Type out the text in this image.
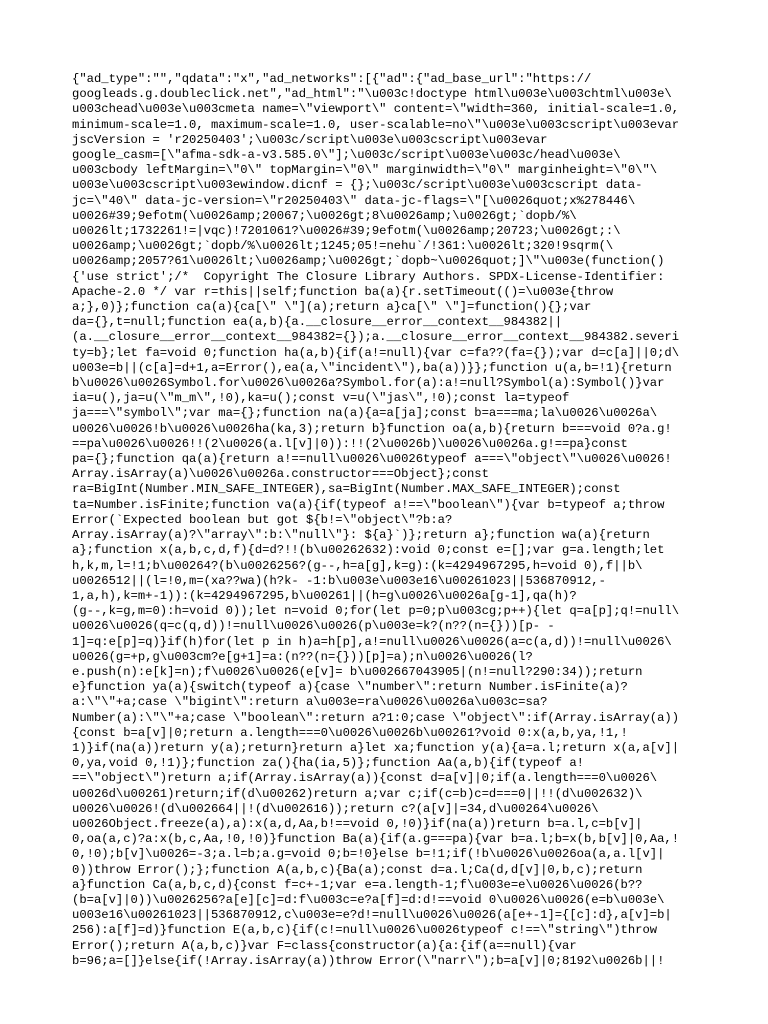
{"ad_type":"","qdata":"x","ad_networks":[{"ad":{"ad_base_url":"https://
googleads.g.doubleclick.net","ad_html":"\u003c!doctype html\u003e\u003chtml\u003e\
u003chead\u003e\u003cmeta name=\"viewport\" content=\"width=360, initial-scale=1.0,
minimum-scale=1.0, maximum-scale=1.0, user-scalable=no\"\u003e\u003cscript\u003evar
jscVersion = 'r20250403';\u003c/script\u003e\u003cscript\u003evar
google_casm=[\"afma-sdk-a-v3.585.0\"];\u003c/script\u003e\u003c/head\u003e\
u003cbody leftMargin=\"0\" topMargin=\"0\" marginwidth=\"0\" marginheight=\"0\"\
u003e\u003cscript\u003ewindow.dicnf = {};\u003c/script\u003e\u003cscript data-
jc=\"40\" data-jc-version=\"r20250403\" data-jc-flags=\"[\u0026quot;x%278446\
u0026#39;9efotm(\u0026amp;20067;\u0026gt;8\u0026amp;\u0026gt;`dopb/%\
u0026lt;1732261!=|vqc)!7201061?\u0026#39;9efotm(\u0026amp;20723;\u0026gt;:\
u0026amp;\u0026gt;`dopb/%\u0026lt;1245;05!=nehu`/!361:\u0026lt;320!9sqrm(\
u0026amp;2057?61\u0026lt;\u0026amp;\u0026gt;`dopb~\u0026quot;]\"\u003e(function()
{'use strict';/*  Copyright The Closure Library Authors. SPDX-License-Identifier:
Apache-2.0 */ var r=this||self;function ba(a){r.setTimeout(()=\u003e{throw
a;},0)};function ca(a){ca[\" \"](a);return a}ca[\" \"]=function(){};var
da={},t=null;function ea(a,b){a.__closure__error__context__984382||
(a.__closure__error__context__984382={});a.__closure__error__context__984382.severi
ty=b};let fa=void 0;function ha(a,b){if(a!=null){var c=fa??(fa={});var d=c[a]||0;d\
u003e=b||(c[a]=d+1,a=Error(),ea(a,\"incident\"),ba(a))}};function u(a,b=!1){return
b\u0026\u0026Symbol.for\u0026\u0026a?Symbol.for(a):a!=null?Symbol(a):Symbol()}var
ia=u(),ja=u(\"m_m\",!0),ka=u();const v=u(\"jas\",!0);const la=typeof
ja===\"symbol\";var ma={};function na(a){a=a[ja];const b=a===ma;la\u0026\u0026a\
u0026\u0026!b\u0026\u0026ha(ka,3);return b}function oa(a,b){return b===void 0?a.g!
==pa\u0026\u0026!!(2\u0026(a.l[v]|0)):!!(2\u0026b)\u0026\u0026a.g!==pa}const
pa={};function qa(a){return a!==null\u0026\u0026typeof a===\"object\"\u0026\u0026!
Array.isArray(a)\u0026\u0026a.constructor===Object};const
ra=BigInt(Number.MIN_SAFE_INTEGER),sa=BigInt(Number.MAX_SAFE_INTEGER);const
ta=Number.isFinite;function va(a){if(typeof a!==\"boolean\"){var b=typeof a;throw
Error(`Expected boolean but got ${b!=\"object\"?b:a?
Array.isArray(a)?\"array\":b:\"null\"}: ${a}`)};return a};function wa(a){return
a};function x(a,b,c,d,f){d=d?!!(b\u00262632):void 0;const e=[];var g=a.length;let
h,k,m,l=!1;b\u00264?(b\u0026256?(g--,h=a[g],k=g):(k=4294967295,h=void 0),f||b\
u0026512||(l=!0,m=(xa??wa)(h?k- -1:b\u003e\u003e16\u00261023||536870912,-
1,a,h),k=m+-1)):(k=4294967295,b\u00261||(h=g\u0026\u0026a[g-1],qa(h)?
(g--,k=g,m=0):h=void 0));let n=void 0;for(let p=0;p\u003cg;p++){let q=a[p];q!=null\
u0026\u0026(q=c(q,d))!=null\u0026\u0026(p\u003e=k?(n??(n={}))[p- -
1]=q:e[p]=q)}if(h)for(let p in h)a=h[p],a!=null\u0026\u0026(a=c(a,d))!=null\u0026\
u0026(g=+p,g\u003cm?e[g+1]=a:(n??(n={}))[p]=a);n\u0026\u0026(l?
e.push(n):e[k]=n);f\u0026\u0026(e[v]= b\u002667043905|(n!=null?290:34));return
e}function ya(a){switch(typeof a){case \"number\":return Number.isFinite(a)?
a:\"\"+a;case \"bigint\":return a\u003e=ra\u0026\u0026a\u003c=sa?
Number(a):\"\"+a;case \"boolean\":return a?1:0;case \"object\":if(Array.isArray(a))
{const b=a[v]|0;return a.length===0\u0026\u0026b\u00261?void 0:x(a,b,ya,!1,!
1)}if(na(a))return y(a);return}return a}let xa;function y(a){a=a.l;return x(a,a[v]|
0,ya,void 0,!1)};function za(){ha(ia,5)};function Aa(a,b){if(typeof a!
==\"object\")return a;if(Array.isArray(a)){const d=a[v]|0;if(a.length===0\u0026\
u0026d\u00261)return;if(d\u00262)return a;var c;if(c=b)c=d===0||!!(d\u002632)\
u0026\u0026!(d\u002664||!(d\u002616));return c?(a[v]|=34,d\u00264\u0026\
u0026Object.freeze(a),a):x(a,d,Aa,b!==void 0,!0)}if(na(a))return b=a.l,c=b[v]|
0,oa(a,c)?a:x(b,c,Aa,!0,!0)}function Ba(a){if(a.g===pa){var b=a.l;b=x(b,b[v]|0,Aa,!
0,!0);b[v]\u0026=-3;a.l=b;a.g=void 0;b=!0}else b=!1;if(!b\u0026\u0026oa(a,a.l[v]|
0))throw Error();};function A(a,b,c){Ba(a);const d=a.l;Ca(d,d[v]|0,b,c);return
a}function Ca(a,b,c,d){const f=c+-1;var e=a.length-1;f\u003e=e\u0026\u0026(b??
(b=a[v]|0))\u0026256?a[e][c]=d:f\u003c=e?a[f]=d:d!==void 0\u0026\u0026(e=b\u003e\
u003e16\u00261023||536870912,c\u003e=e?d!=null\u0026\u0026(a[e+-1]={[c]:d},a[v]=b|
256):a[f]=d)}function E(a,b,c){if(c!=null\u0026\u0026typeof c!==\"string\")throw
Error();return A(a,b,c)}var F=class{constructor(a){a:{if(a==null){var
b=96;a=[]}else{if(!Array.isArray(a))throw Error(\"narr\");b=a[v]|0;8192\u0026b||!
